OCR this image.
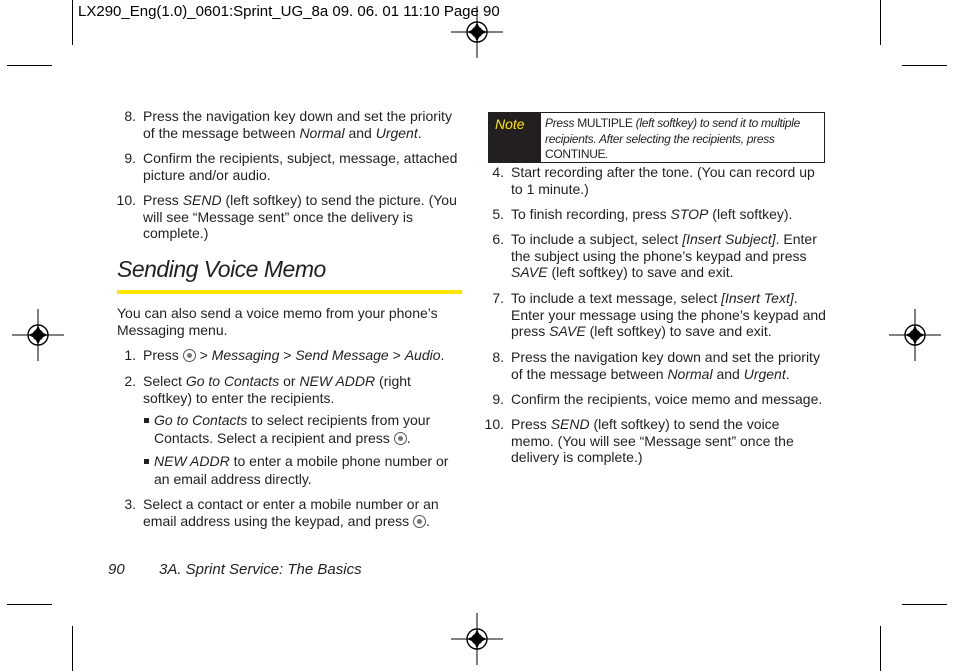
LX290_Eng(1.0)_0601:Sprint_UG_8a 09. 06. 01 11:10 Page 90
8. Press the navigation key down and set the priority of the message between Normal and Urgent.
9. Confirm the recipients, subject, message, attached picture and/or audio.
10. Press SEND (left softkey) to send the picture. (You will see “Message sent” once the delivery is complete.)
Sending Voice Memo
You can also send a voice memo from your phone’s Messaging menu.
1. Press  > Messaging > Send Message > Audio.
2. Select Go to Contacts or NEW ADDR (right softkey) to enter the recipients.
Go to Contacts to select recipients from your Contacts. Select a recipient and press .
NEW ADDR to enter a mobile phone number or an email address directly.
3. Select a contact or enter a mobile number or an email address using the keypad, and press .
Note	Press MULTIPLE (left softkey) to send it to multiple recipients. After selecting the recipients, press CONTINUE.
4. Start recording after the tone. (You can record up to 1 minute.)
5. To finish recording, press STOP (left softkey).
6. To include a subject, select [Insert Subject]. Enter the subject using the phone’s keypad and press SAVE (left softkey) to save and exit.
7. To include a text message, select [Insert Text]. Enter your message using the phone’s keypad and press SAVE (left softkey) to save and exit.
8. Press the navigation key down and set the priority of the message between Normal and Urgent.
9. Confirm the recipients, voice memo and message.
10. Press SEND (left softkey) to send the voice memo. (You will see “Message sent” once the delivery is complete.)
90 3A. Sprint Service: The Basics
